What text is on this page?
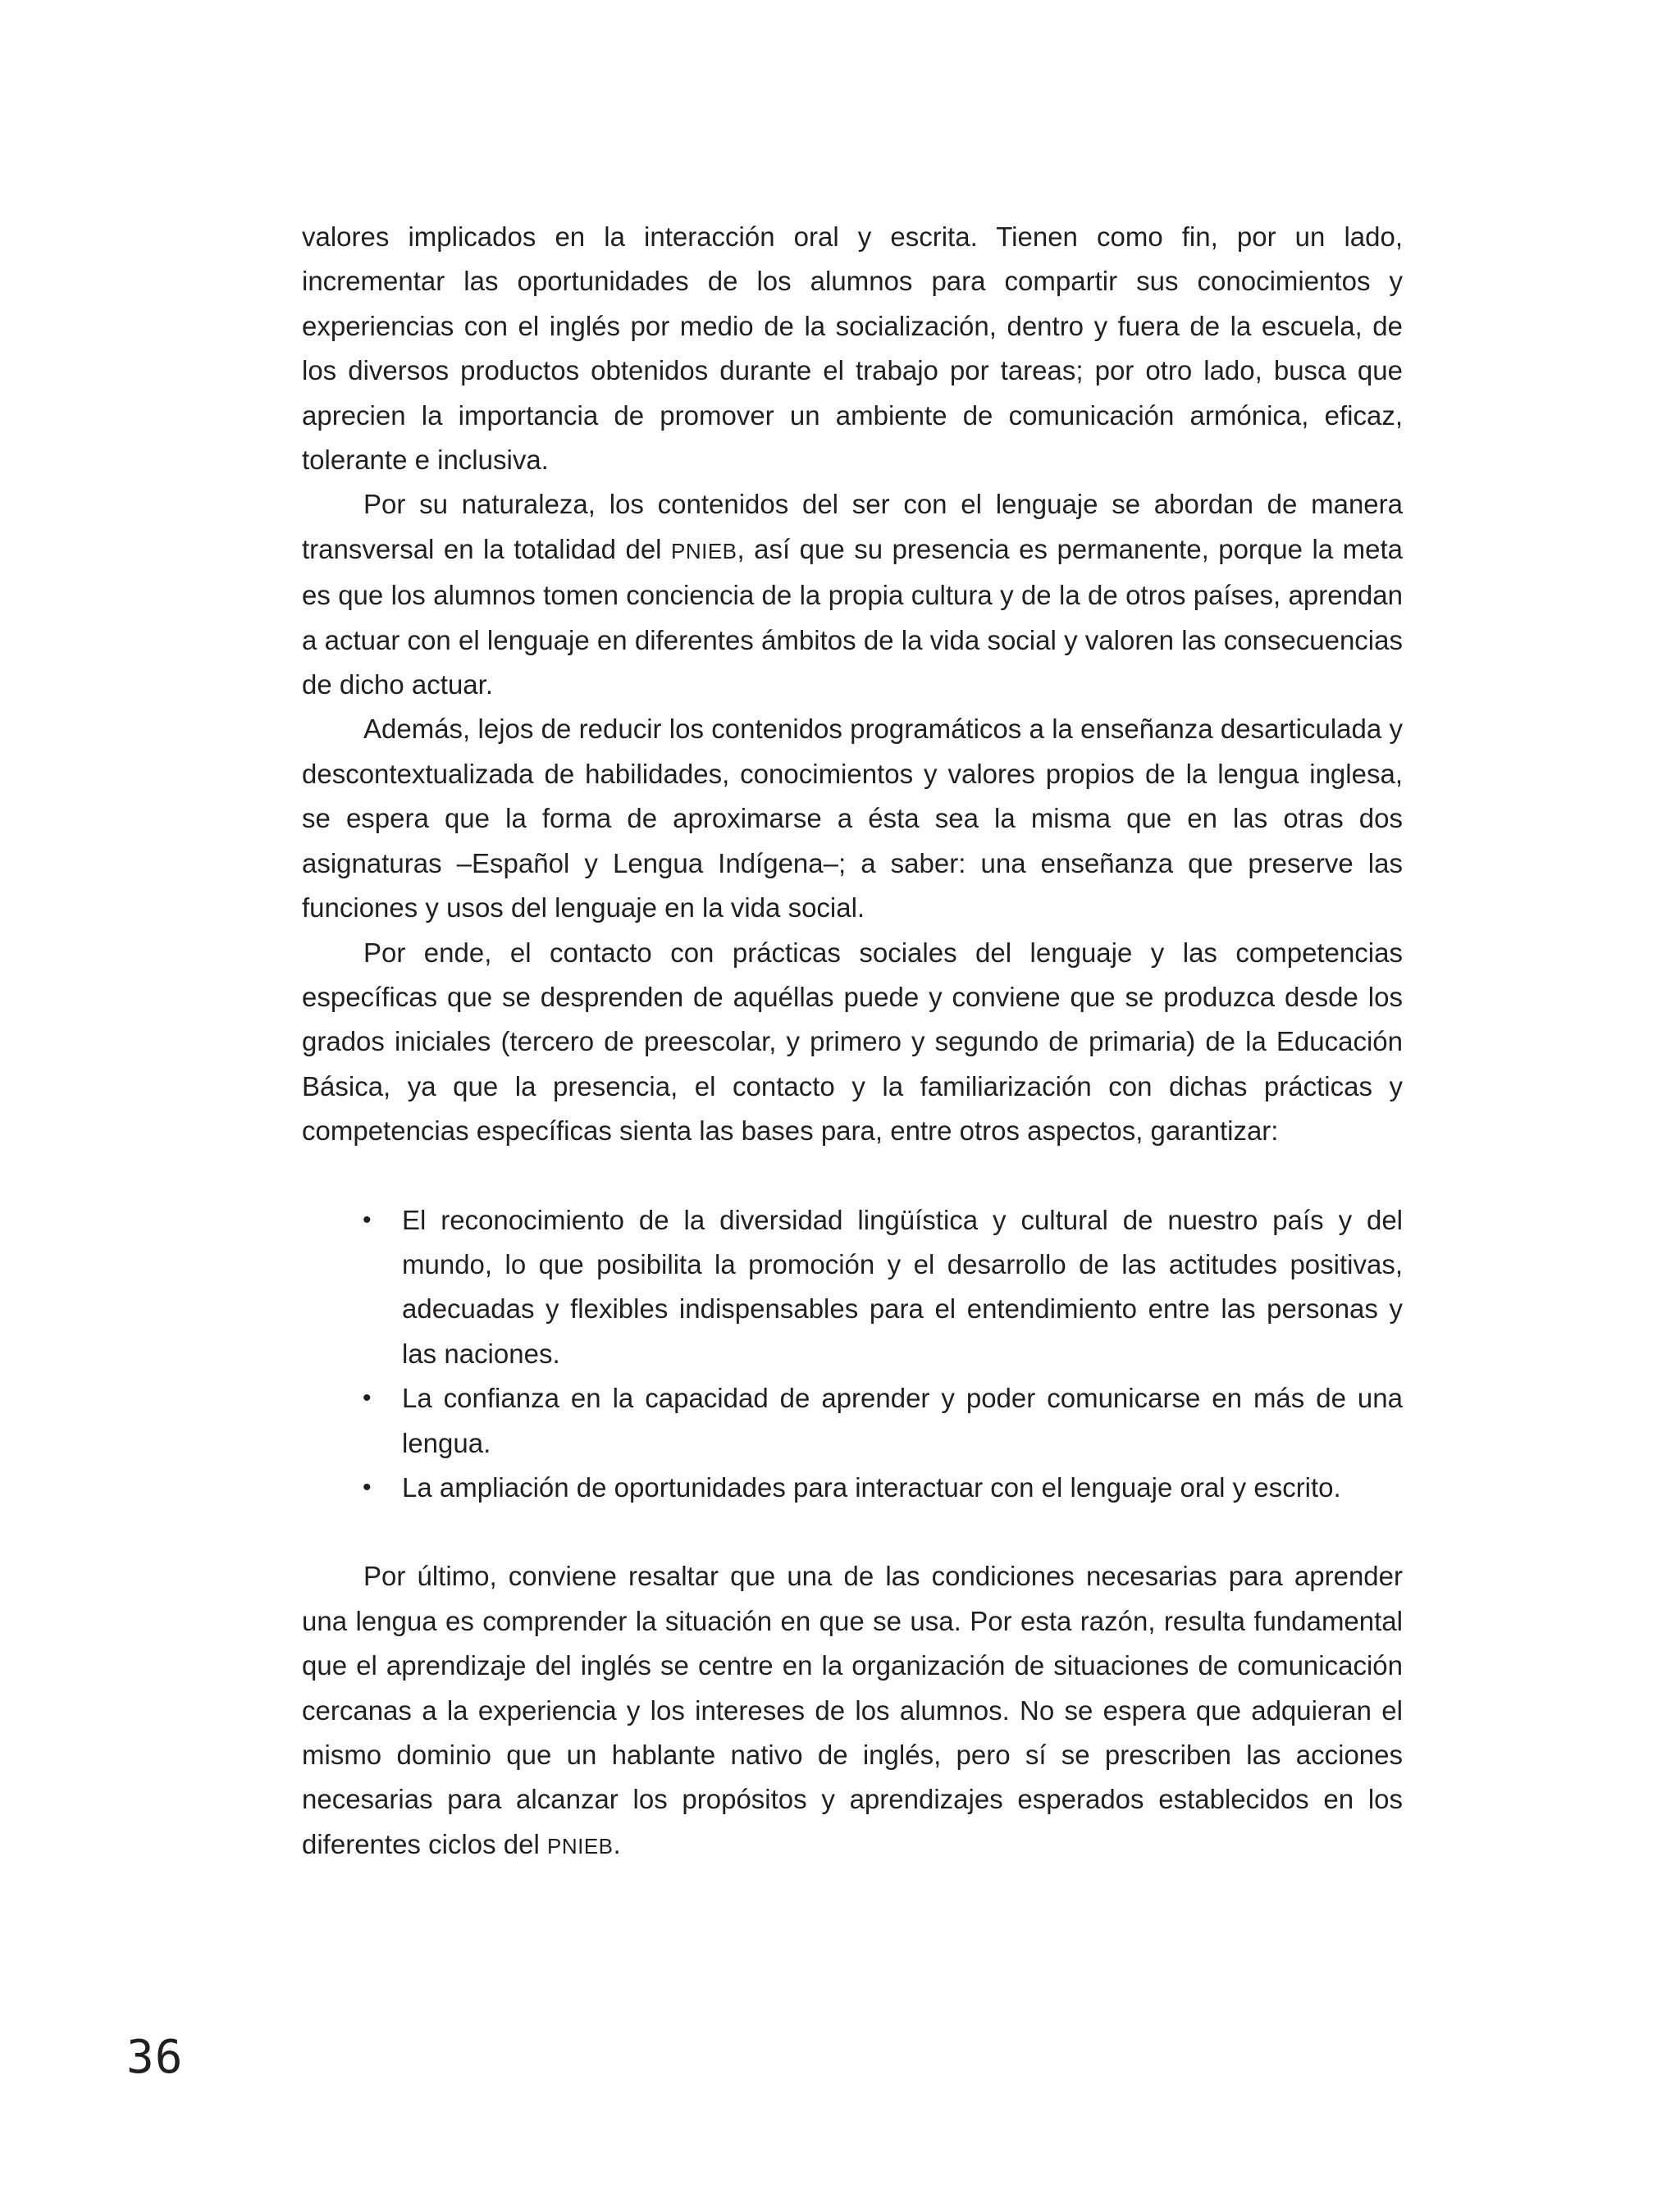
valores implicados en la interacción oral y escrita. Tienen como fin, por un lado, incrementar las oportunidades de los alumnos para compartir sus conocimientos y experiencias con el inglés por medio de la socialización, dentro y fuera de la escuela, de los diversos productos obtenidos durante el trabajo por tareas; por otro lado, busca que aprecien la importancia de promover un ambiente de comunicación armónica, eficaz, tolerante e inclusiva.

Por su naturaleza, los contenidos del ser con el lenguaje se abordan de manera transversal en la totalidad del PNIEB, así que su presencia es permanente, porque la meta es que los alumnos tomen conciencia de la propia cultura y de la de otros países, aprendan a actuar con el lenguaje en diferentes ámbitos de la vida social y valoren las consecuencias de dicho actuar.

Además, lejos de reducir los contenidos programáticos a la enseñanza desarticulada y descontextualizada de habilidades, conocimientos y valores propios de la lengua inglesa, se espera que la forma de aproximarse a ésta sea la misma que en las otras dos asignaturas –Español y Lengua Indígena–; a saber: una enseñanza que preserve las funciones y usos del lenguaje en la vida social.

Por ende, el contacto con prácticas sociales del lenguaje y las competencias específicas que se desprenden de aquéllas puede y conviene que se produzca desde los grados iniciales (tercero de preescolar, y primero y segundo de primaria) de la Educación Básica, ya que la presencia, el contacto y la familiarización con dichas prácticas y competencias específicas sienta las bases para, entre otros aspectos, garantizar:

• El reconocimiento de la diversidad lingüística y cultural de nuestro país y del mundo, lo que posibilita la promoción y el desarrollo de las actitudes positivas, adecuadas y flexibles indispensables para el entendimiento entre las personas y las naciones.
• La confianza en la capacidad de aprender y poder comunicarse en más de una lengua.
• La ampliación de oportunidades para interactuar con el lenguaje oral y escrito.

Por último, conviene resaltar que una de las condiciones necesarias para aprender una lengua es comprender la situación en que se usa. Por esta razón, resulta fundamental que el aprendizaje del inglés se centre en la organización de situaciones de comunicación cercanas a la experiencia y los intereses de los alumnos. No se espera que adquieran el mismo dominio que un hablante nativo de inglés, pero sí se prescriben las acciones necesarias para alcanzar los propósitos y aprendizajes esperados establecidos en los diferentes ciclos del PNIEB.

36
